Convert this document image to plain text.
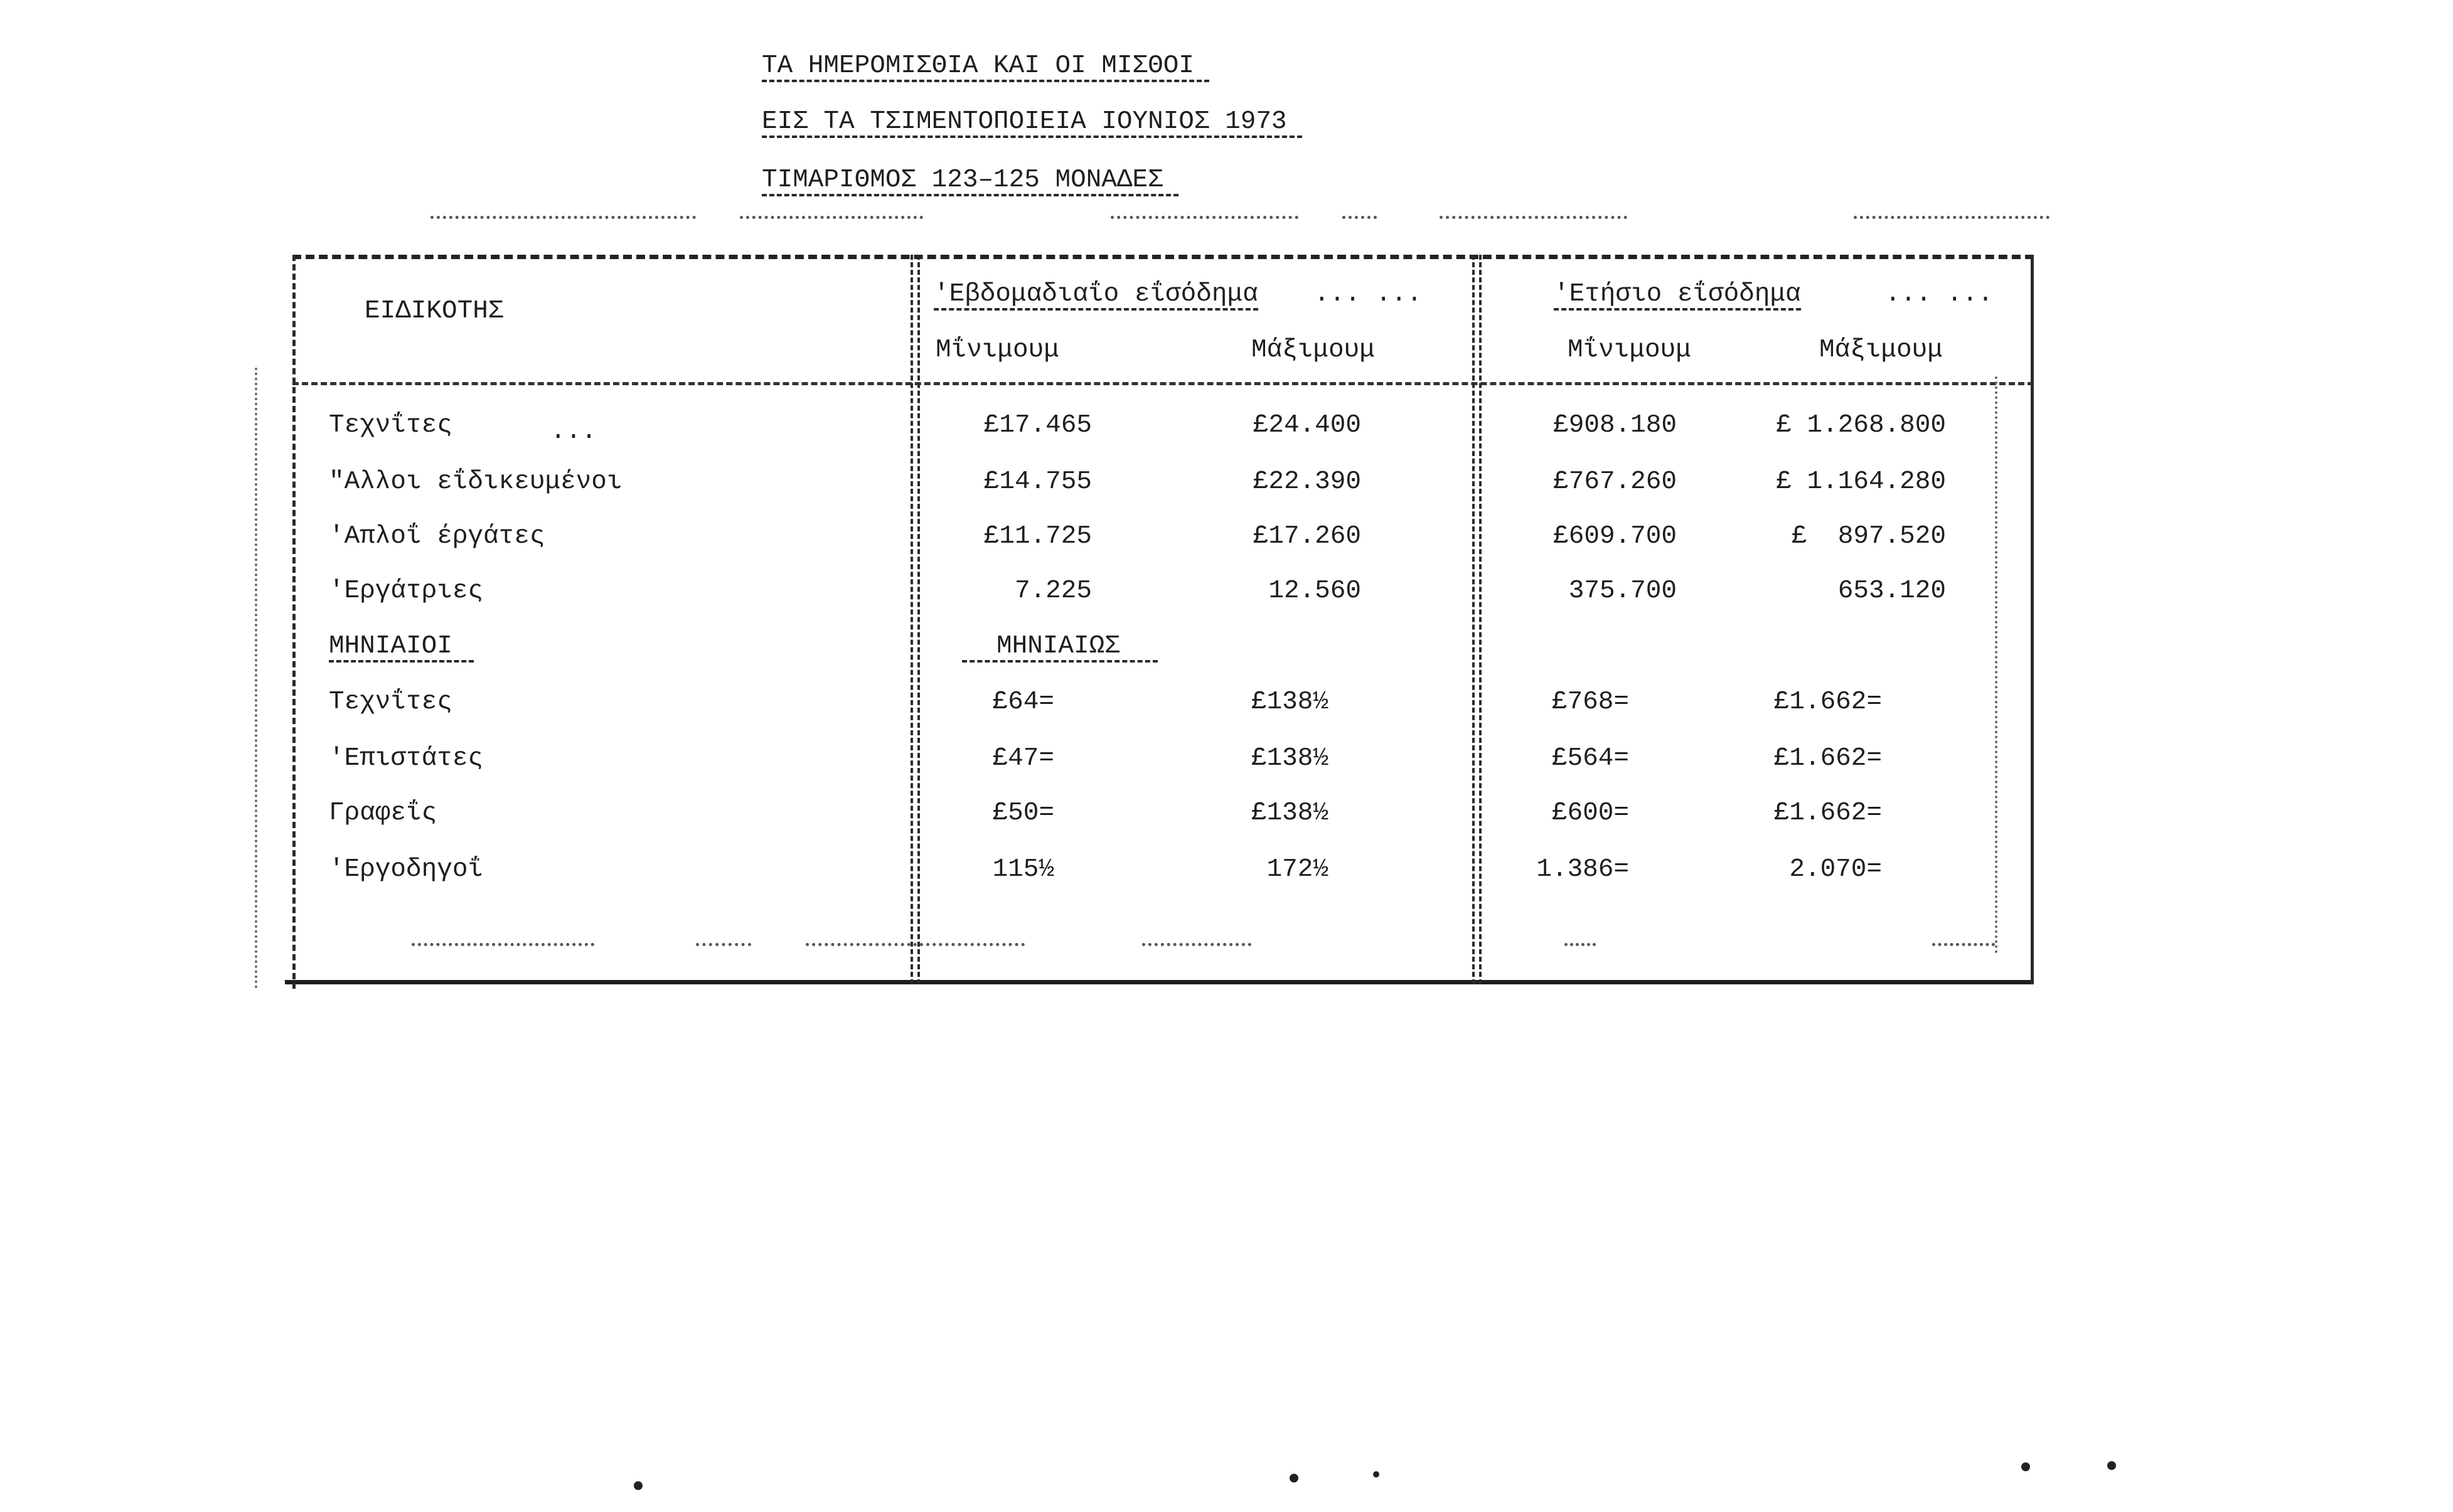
ΤΑ ΗΜΕΡΟΜΙΣΘΙΑ ΚΑΙ ΟΙ ΜΙΣΘΟΙ
ΕΙΣ ΤΑ ΤΣΙΜΕΝΤΟΠΟΙΕΙΑ ΙΟΥΝΙΟΣ 1973
ΤΙΜΑΡΙΘΜΟΣ 123–125 ΜΟΝΑΔΕΣ
ΕΙΔΙΚΟΤΗΣ
'Εβδομαδιαΐο εΐσόδημα ... ...	'Ετήσιο εΐσόδημα	... ...
Μΐνιμουμ	Μάξιμουμ	Μΐνιμουμ	Μάξιμουμ
Τεχνΐτες	...	£17.465	£24.400	£908.180	£ 1.268.800
"Αλλοι εΐδικευμένοι	£14.755	£22.390	£767.260	£ 1.164.280
'Απλοΐ έργάτες	£11.725	£17.260	£609.700	£  897.520
'Εργάτριες	7.225	12.560	375.700	653.120
ΜΗΝΙΑΙΟΙ	ΜΗΝΙΑΙΩΣ
Τεχνΐτες	£64=	£138½	£768=	£1.662=
'Επιστάτες	£47=	£138½	£564=	£1.662=
Γραφεΐς	£50=	£138½	£600=	£1.662=
'Εργοδηγοΐ	115½	172½	1.386=	2.070=
